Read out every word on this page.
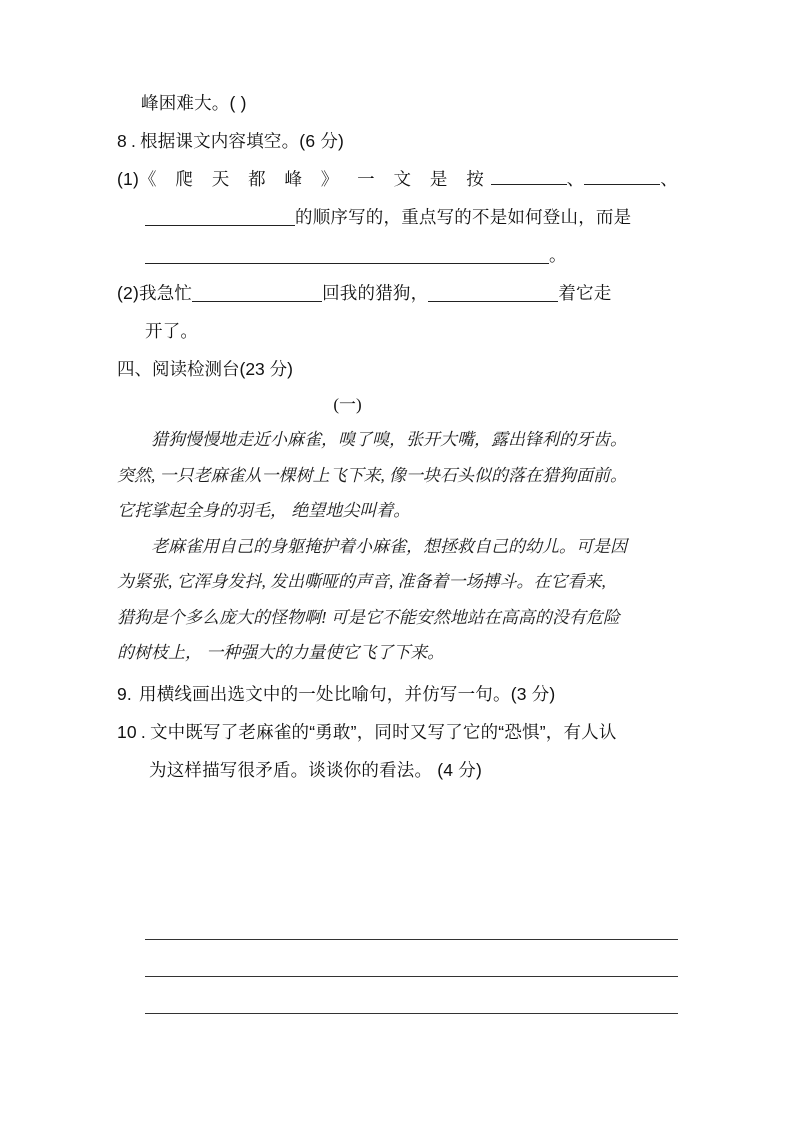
峰困难大。( )
8 . 根据课文内容填空。(6 分)
(1) 《 爬 天 都 峰 》 一 文 是 按	、	、
的顺序写的，重点写的不是如何登山，而是
。
(2)我急忙	回我的猎狗，	着它走
开了。
四、阅读检测台(23 分)
(一)
猎狗慢慢地走近小麻雀，嗅了嗅，张开大嘴，露出锋利的牙齿。
突然, 一只老麻雀从一棵树上飞下来, 像一块石头似的落在猎狗面前。
它挓挲起全身的羽毛， 绝望地尖叫着。
老麻雀用自己的身躯掩护着小麻雀，想拯救自己的幼儿。可是因
为紧张, 它浑身发抖, 发出嘶哑的声音, 准备着一场搏斗。在它看来,
猎狗是个多么庞大的怪物啊! 可是它不能安然地站在高高的没有危险
的树枝上， 一种强大的力量使它飞了下来。
9. 用横线画出选文中的一处比喻句，并仿写一句。(3 分)
10 . 文中既写了老麻雀的“勇敢”，同时又写了它的“恐惧”，有人认
为这样描写很矛盾。谈谈你的看法。 (4 分)
